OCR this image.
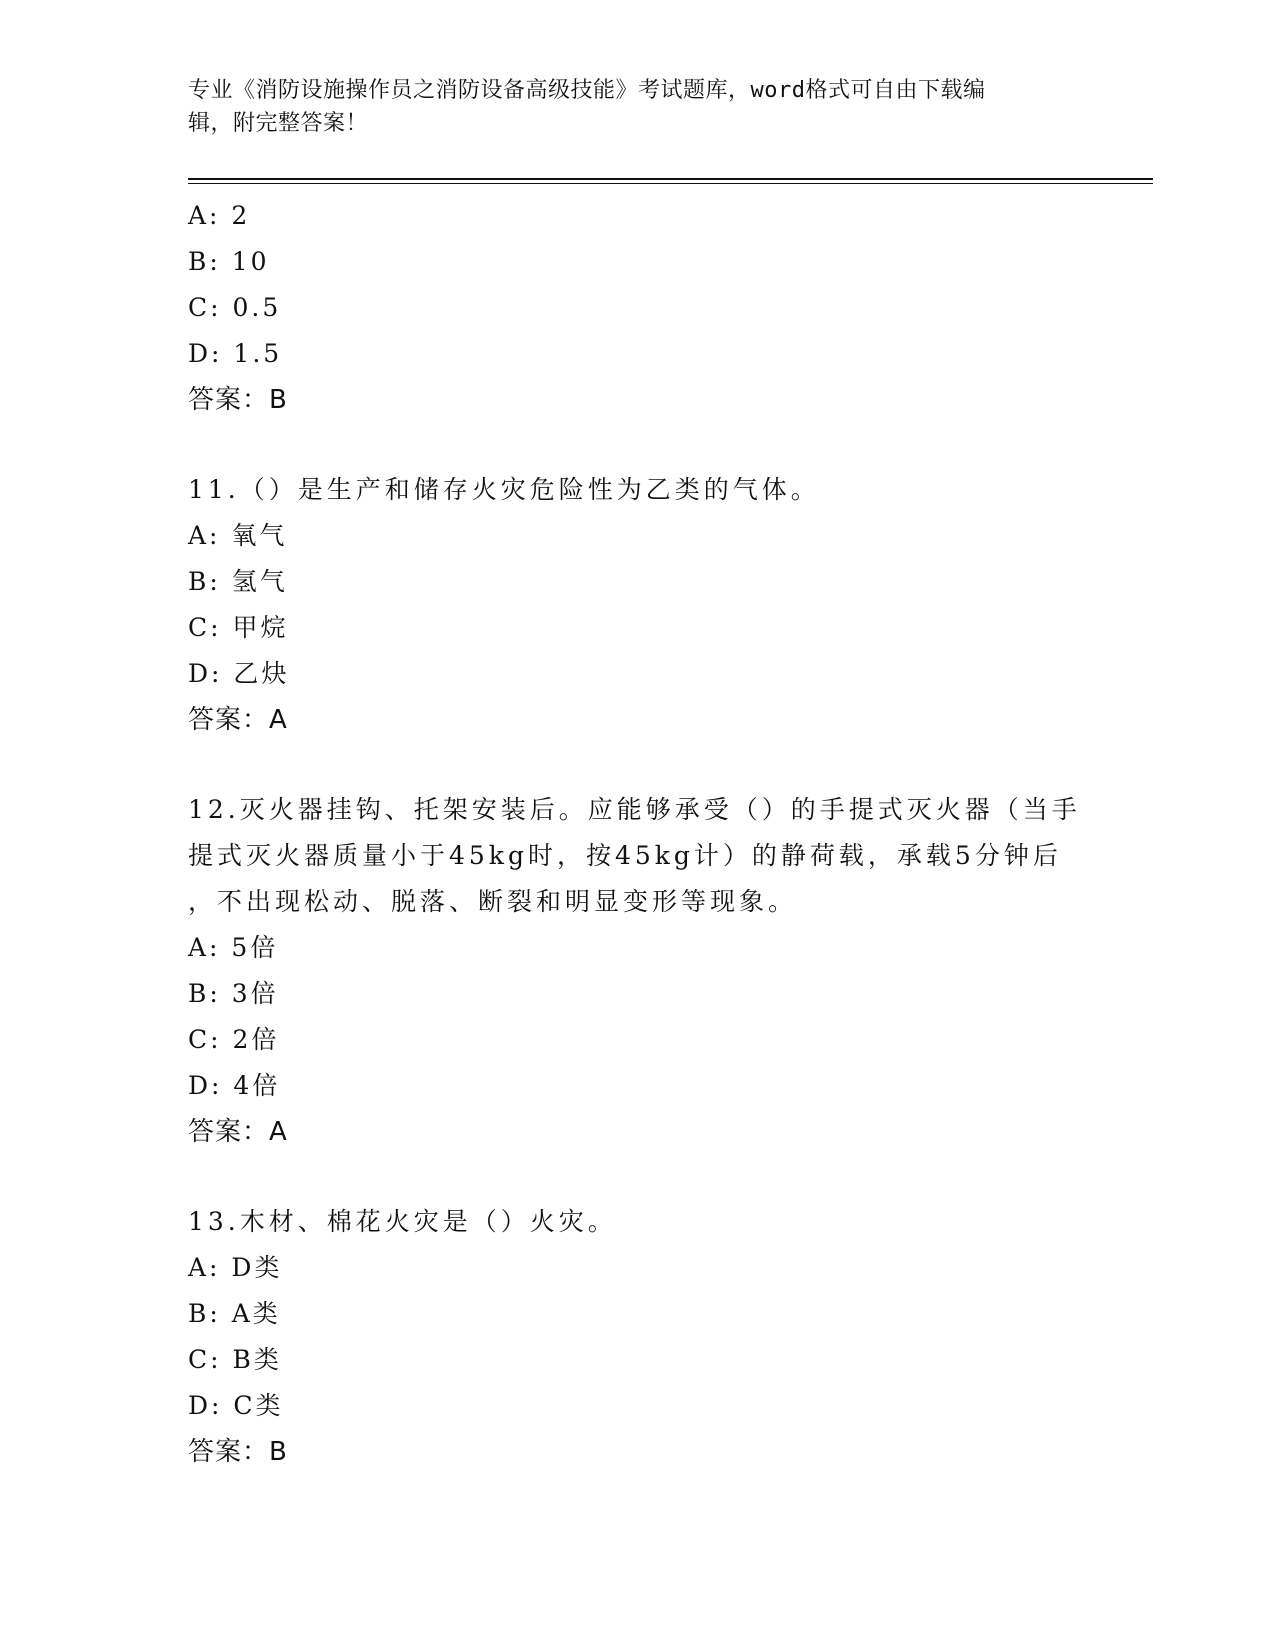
专业《消防设施操作员之消防设备高级技能》考试题库，word格式可自由下载编
辑，附完整答案！
A: 2
B: 10
C: 0.5
D: 1.5
答案：B
11.（）是生产和储存火灾危险性为乙类的气体。
A: 氧气
B: 氢气
C: 甲烷
D: 乙炔
答案：A
12.灭火器挂钩、托架安装后。应能够承受（）的手提式灭火器（当手
提式灭火器质量小于45kg时，按45kg计）的静荷载，承载5分钟后
，不出现松动、脱落、断裂和明显变形等现象。
A: 5倍
B: 3倍
C: 2倍
D: 4倍
答案：A
13.木材、棉花火灾是（）火灾。
A: D类
B: A类
C: B类
D: C类
答案：B
